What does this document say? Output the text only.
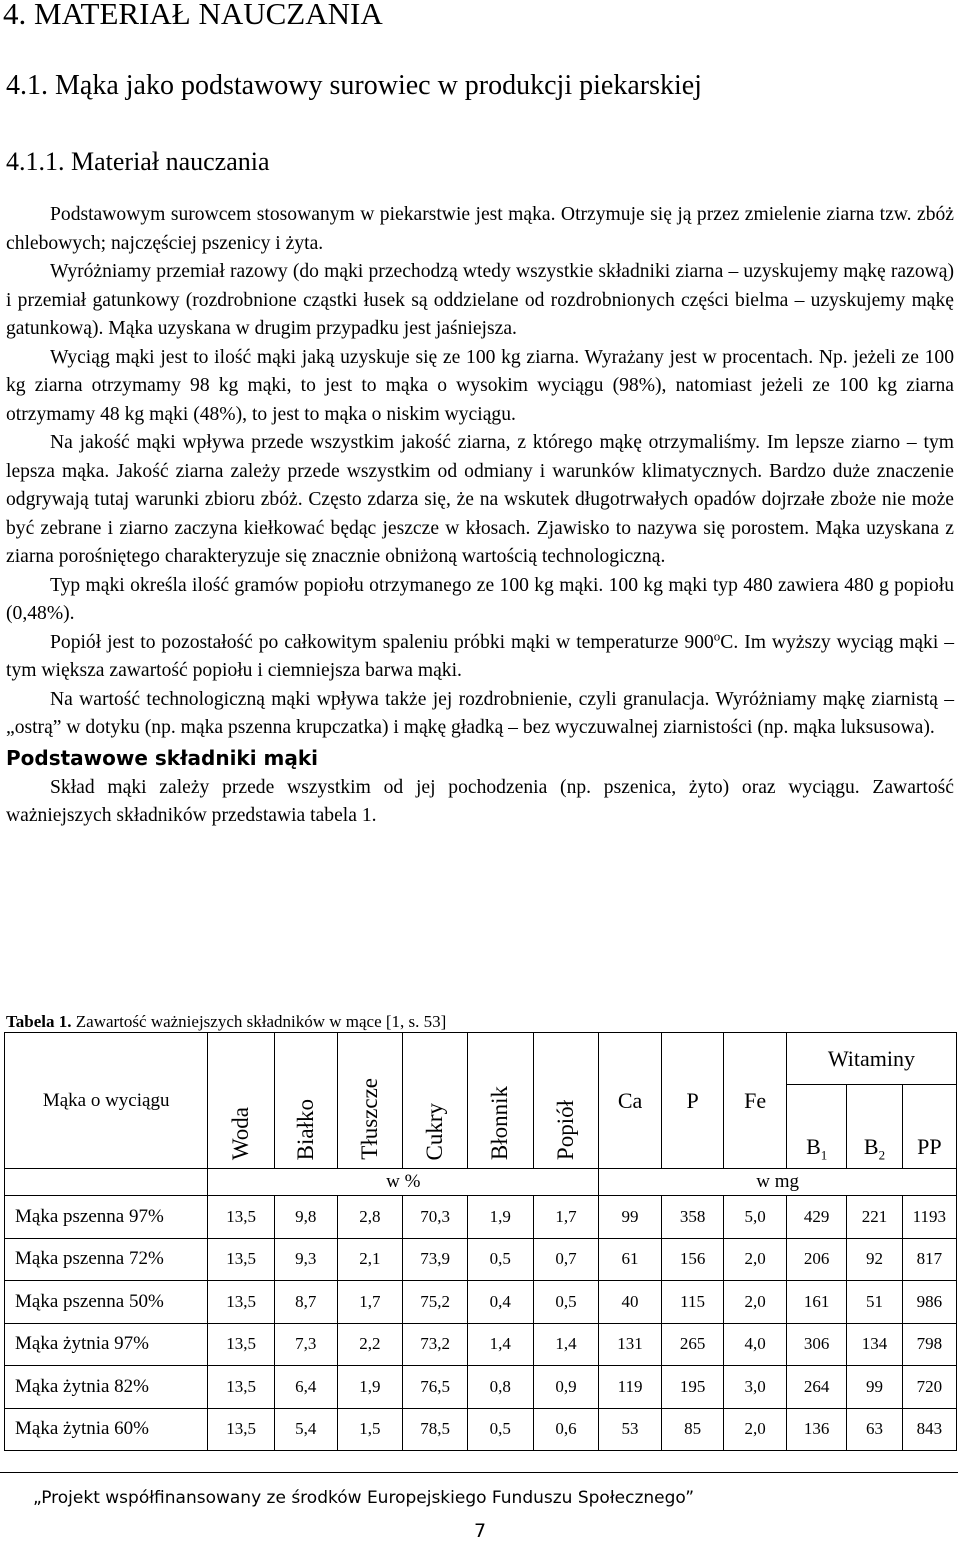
4. MATERIAŁ NAUCZANIA
4.1. Mąka jako podstawowy surowiec w produkcji piekarskiej
4.1.1. Materiał nauczania

Podstawowym surowcem stosowanym w piekarstwie jest mąka. Otrzymuje się ją przez zmielenie ziarna tzw. zbóż chlebowych; najczęściej pszenicy i żyta.

Wyróżniamy przemiał razowy (do mąki przechodzą wtedy wszystkie składniki ziarna – uzyskujemy mąkę razową) i przemiał gatunkowy (rozdrobnione cząstki łusek są oddzielane od rozdrobnionych części bielma – uzyskujemy mąkę gatunkową). Mąka uzyskana w drugim przypadku jest jaśniejsza.

Wyciąg mąki jest to ilość mąki jaką uzyskuje się ze 100 kg ziarna. Wyrażany jest w procentach. Np. jeżeli ze 100 kg ziarna otrzymamy 98 kg mąki, to jest to mąka o wysokim wyciągu (98%), natomiast jeżeli ze 100 kg ziarna otrzymamy 48 kg mąki (48%), to jest to mąka o niskim wyciągu.

Na jakość mąki wpływa przede wszystkim jakość ziarna, z którego mąkę otrzymaliśmy. Im lepsze ziarno – tym lepsza mąka. Jakość ziarna zależy przede wszystkim od odmiany i warunków klimatycznych. Bardzo duże znaczenie odgrywają tutaj warunki zbioru zbóż. Często zdarza się, że na wskutek długotrwałych opadów dojrzałe zboże nie może być zebrane i ziarno zaczyna kiełkować będąc jeszcze w kłosach. Zjawisko to nazywa się porostem. Mąka uzyskana z ziarna porośniętego charakteryzuje się znacznie obniżoną wartością technologiczną.

Typ mąki określa ilość gramów popiołu otrzymanego ze 100 kg mąki. 100 kg mąki typ 480 zawiera 480 g popiołu (0,48%).

Popiół jest to pozostałość po całkowitym spaleniu próbki mąki w temperaturze 900$^o$C. Im wyższy wyciąg mąki – tym większa zawartość popiołu i ciemniejsza barwa mąki.

Na wartość technologiczną mąki wpływa także jej rozdrobnienie, czyli granulacja. Wyróżniamy mąkę ziarnistą – „ostrą” w dotyku (np. mąka pszenna krupczatka) i mąkę gładką – bez wyczuwalnej ziarnistości (np. mąka luksusowa).

Podstawowe składniki mąki

Skład mąki zależy przede wszystkim od jej pochodzenia (np. pszenica, żyto) oraz wyciągu. Zawartość ważniejszych składników przedstawia tabela 1.

Tabela 1. Zawartość ważniejszych składników w mące [1, s. 53]
Mąka o wyciągu	Woda	Białko	Tłuszcze	Cukry	Błonnik	Popiół	Ca	P	Fe	Witaminy		
										$B_1$	$B_2$	PP
	w %						w mg					
Mąka pszenna 97%	13,5	9,8	2,8	70,3	1,9	1,7	99	358	5,0	429	221	1193
Mąka pszenna 72%	13,5	9,3	2,1	73,9	0,5	0,7	61	156	2,0	206	92	817
Mąka pszenna 50%	13,5	8,7	1,7	75,2	0,4	0,5	40	115	2,0	161	51	986
Mąka żytnia 97%	13,5	7,3	2,2	73,2	1,4	1,4	131	265	4,0	306	134	798
Mąka żytnia 82%	13,5	6,4	1,9	76,5	0,8	0,9	119	195	3,0	264	99	720
Mąka żytnia 60%	13,5	5,4	1,5	78,5	0,5	0,6	53	85	2,0	136	63	843
„Projekt współfinansowany ze środków Europejskiego Funduszu Społecznego”
7
